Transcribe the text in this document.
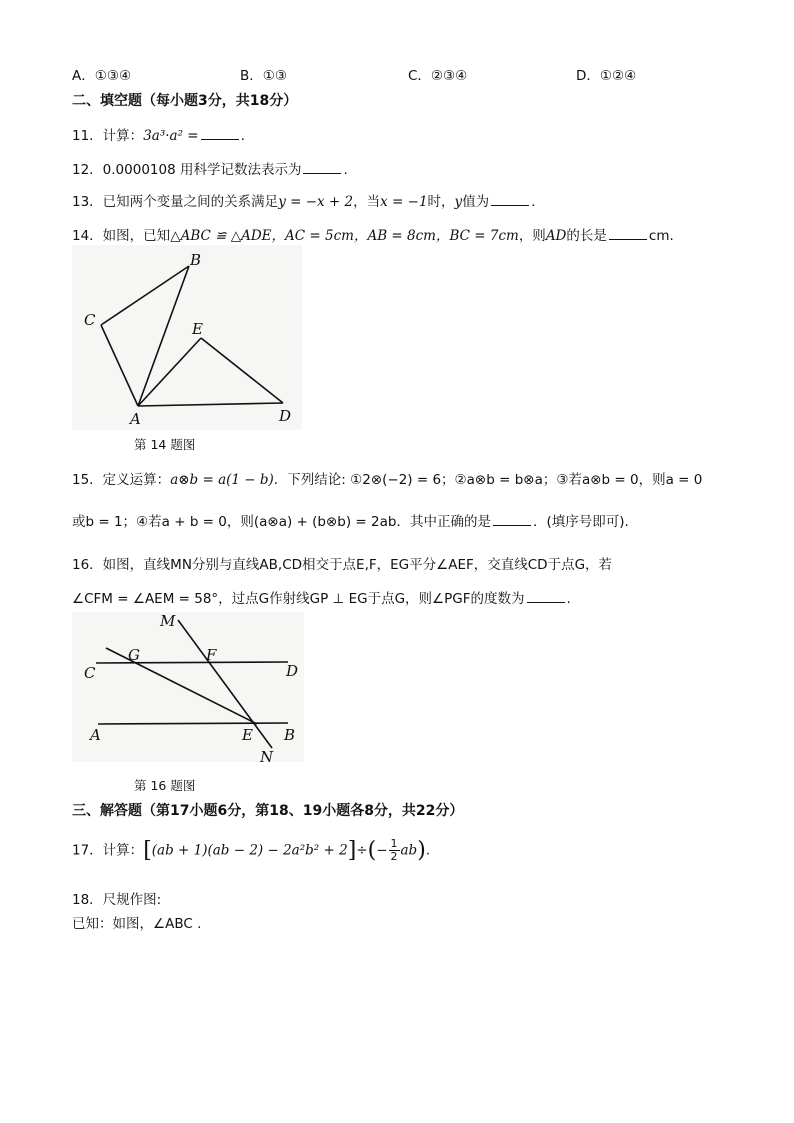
A．①③④	B．①③	C．②③④	D．①②④
二、填空题（每小题3分，共18分）
11．计算：3a³·a² =	.
12．0.0000108 用科学记数法表示为	.
13．已知两个变量之间的关系满足y = −x + 2，当x = −1时，y值为	.
14．如图，已知△ABC ≌ △ADE，AC = 5cm，AB = 8cm，BC = 7cm，则AD的长是	cm.
A
B
C
D
E
第 14 题图
15．定义运算：a⊗b = a(1 − b)．下列结论: ①2⊗(−2) = 6；②a⊗b = b⊗a；③若a⊗b = 0，则a = 0
或b = 1；④若a + b = 0，则(a⊗a) + (b⊗b) = 2ab．其中正确的是	．(填序号即可).
16．如图，直线MN分别与直线AB,CD相交于点E,F，EG平分∠AEF，交直线CD于点G，若
∠CFM = ∠AEM = 58°，过点G作射线GP ⊥ EG于点G，则∠PGF的度数为	.
M
G	F
C	D
A	E B
N
第 16 题图
三、解答题（第17小题6分，第18、19小题各8分，共22分）
17．计算：$[(ab + 1)(ab - 2) - 2a^2b^2 + 2]\div(- \frac{1}{2} ab)$.
18．尺规作图:
已知：如图，∠ABC .
